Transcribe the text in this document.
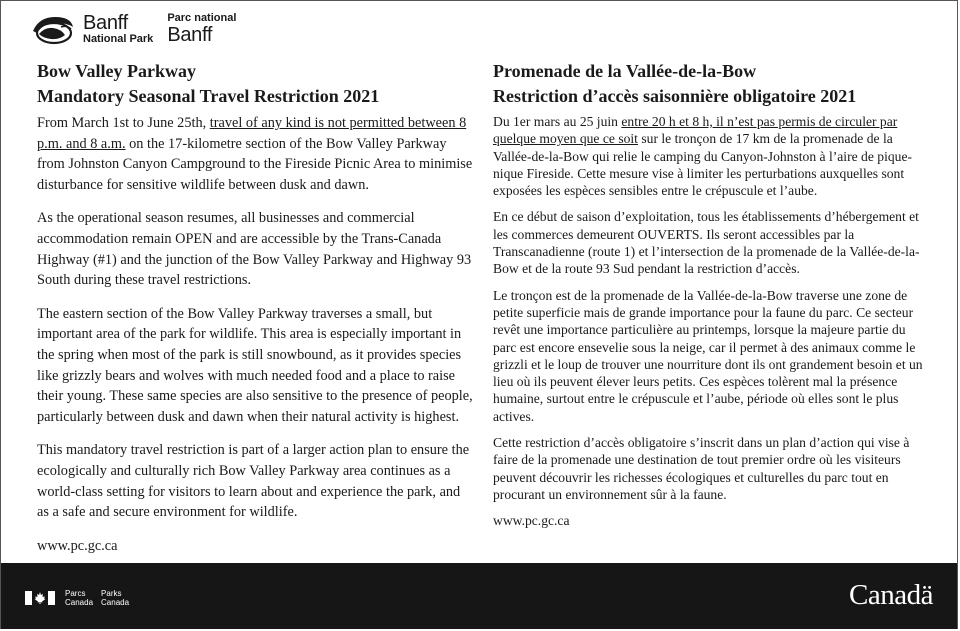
Banff
National Park
Parc national
Banff
Bow Valley Parkway
Mandatory Seasonal Travel Restriction 2021

From March 1st to June 25th, travel of any kind is not permitted between 8 p.m. and 8 a.m. on the 17-kilometre section of the Bow Valley Parkway from Johnston Canyon Campground to the Fireside Picnic Area to minimise disturbance for sensitive wildlife between dusk and dawn.

As the operational season resumes, all businesses and commercial accommodation remain OPEN and are accessible by the Trans-Canada Highway (#1) and the junction of the Bow Valley Parkway and Highway 93 South during these travel restrictions.

The eastern section of the Bow Valley Parkway traverses a small, but important area of the park for wildlife. This area is especially important in the spring when most of the park is still snowbound, as it provides species like grizzly bears and wolves with much needed food and a place to raise their young. These same species are also sensitive to the presence of people, particularly between dusk and dawn when their natural activity is highest.

This mandatory travel restriction is part of a larger action plan to ensure the ecologically and culturally rich Bow Valley Parkway area continues as a world-class setting for visitors to learn about and experience the park, and as a safe and secure environment for wildlife.

www.pc.gc.ca

Promenade de la Vallée-de-la-Bow
Restriction d’accès saisonnière obligatoire 2021

Du 1er mars au 25 juin entre 20 h et 8 h, il n’est pas permis de circuler par quelque moyen que ce soit sur le tronçon de 17 km de la promenade de la Vallée-de-la-Bow qui relie le camping du Canyon-Johnston à l’aire de pique-nique Fireside. Cette mesure vise à limiter les perturbations auxquelles sont exposées les espèces sensibles entre le crépuscule et l’aube.

En ce début de saison d’exploitation, tous les établissements d’hébergement et les commerces demeurent OUVERTS. Ils seront accessibles par la Transcanadienne (route 1) et l’intersection de la promenade de la Vallée-de-la-Bow et de la route 93 Sud pendant la restriction d’accès.

Le tronçon est de la promenade de la Vallée-de-la-Bow traverse une zone de petite superficie mais de grande importance pour la faune du parc. Ce secteur revêt une importance particulière au printemps, lorsque la majeure partie du parc est encore ensevelie sous la neige, car il permet à des animaux comme le grizzli et le loup de trouver une nourriture dont ils ont grandement besoin et un lieu où ils peuvent élever leurs petits. Ces espèces tolèrent mal la présence humaine, surtout entre le crépuscule et l’aube, période où elles sont le plus actives.

Cette restriction d’accès obligatoire s’inscrit dans un plan d’action qui vise à faire de la promenade une destination de tout premier ordre où les visiteurs peuvent découvrir les richesses écologiques et culturelles du parc tout en procurant un environnement sûr à la faune.

www.pc.gc.ca

Parcs
Canada
Parks
Canada	Canadä
